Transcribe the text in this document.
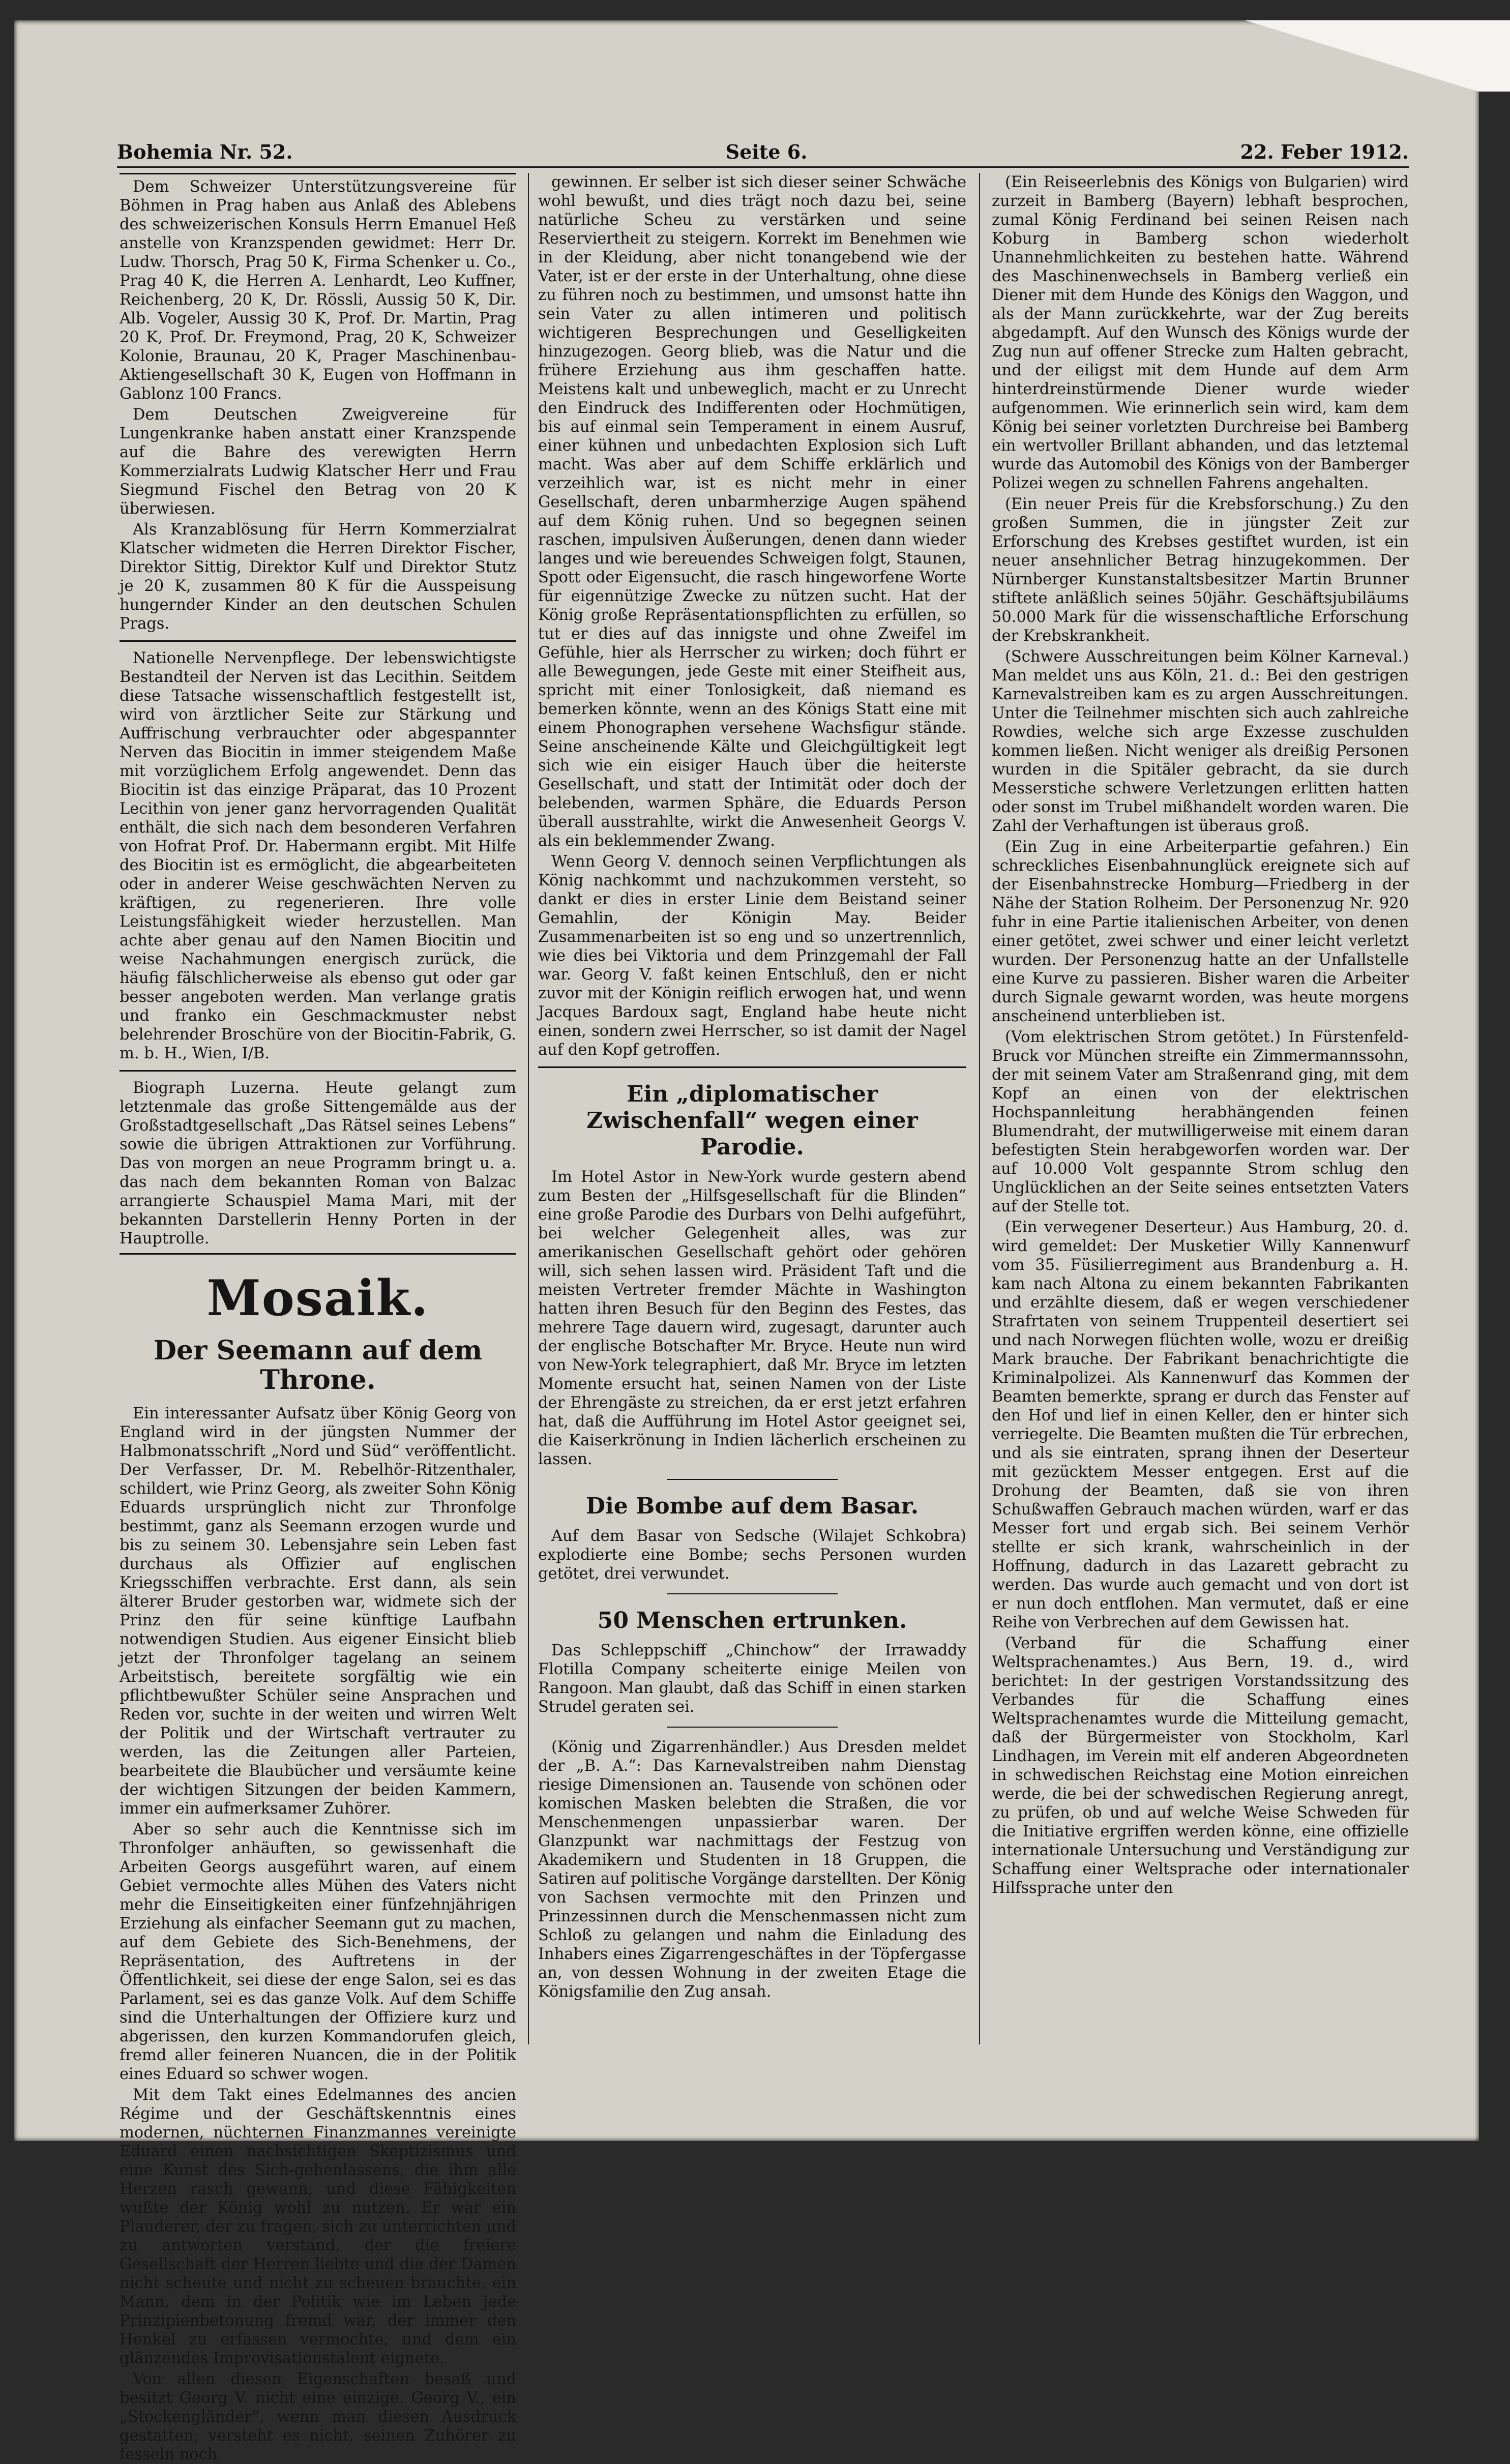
Bohemia Nr. 52.	Seite 6.	22. Feber 1912.

Dem Schweizer Unterstützungsvereine für Böhmen in Prag haben aus Anlaß des Ablebens des schweizerischen Konsuls Herrn Emanuel Heß anstelle von Kranzspenden gewidmet: Herr Dr. Ludw. Thorsch, Prag 50 K, Firma Schenker u. Co., Prag 40 K, die Herren A. Lenhardt, Leo Kuffner, Reichenberg, 20 K, Dr. Rössli, Aussig 50 K, Dir. Alb. Vogeler, Aussig 30 K, Prof. Dr. Martin, Prag 20 K, Prof. Dr. Freymond, Prag, 20 K, Schweizer Kolonie, Braunau, 20 K, Prager Maschinenbau-Aktiengesellschaft 30 K, Eugen von Hoffmann in Gablonz 100 Francs.

Dem Deutschen Zweigvereine für Lungenkranke haben anstatt einer Kranzspende auf die Bahre des verewigten Herrn Kommerzialrats Ludwig Klatscher Herr und Frau Siegmund Fischel den Betrag von 20 K überwiesen.

Als Kranzablösung für Herrn Kommerzialrat Klatscher widmeten die Herren Direktor Fischer, Direktor Sittig, Direktor Kulf und Direktor Stutz je 20 K, zusammen 80 K für die Ausspeisung hungernder Kinder an den deutschen Schulen Prags.

Nationelle Nervenpflege. Der lebenswichtigste Bestandteil der Nerven ist das Lecithin. Seitdem diese Tatsache wissenschaftlich festgestellt ist, wird von ärztlicher Seite zur Stärkung und Auffrischung verbrauchter oder abgespannter Nerven das Biocitin in immer steigendem Maße mit vorzüglichem Erfolg angewendet. Denn das Biocitin ist das einzige Präparat, das 10 Prozent Lecithin von jener ganz hervorragenden Qualität enthält, die sich nach dem besonderen Verfahren von Hofrat Prof. Dr. Habermann ergibt. Mit Hilfe des Biocitin ist es ermöglicht, die abgearbeiteten oder in anderer Weise geschwächten Nerven zu kräftigen, zu regenerieren. Ihre volle Leistungsfähigkeit wieder herzustellen. Man achte aber genau auf den Namen Biocitin und weise Nachahmungen energisch zurück, die häufig fälschlicherweise als ebenso gut oder gar besser angeboten werden. Man verlange gratis und franko ein Geschmackmuster nebst belehrender Broschüre von der Biocitin-Fabrik, G. m. b. H., Wien, I/B.

Biograph Luzerna. Heute gelangt zum letztenmale das große Sittengemälde aus der Großstadtgesellschaft „Das Rätsel seines Lebens“ sowie die übrigen Attraktionen zur Vorführung. Das von morgen an neue Programm bringt u. a. das nach dem bekannten Roman von Balzac arrangierte Schauspiel Mama Mari, mit der bekannten Darstellerin Henny Porten in der Hauptrolle.

Mosaik.
Der Seemann auf dem Throne.

Ein interessanter Aufsatz über König Georg von England wird in der jüngsten Nummer der Halbmonatsschrift „Nord und Süd“ veröffentlicht. Der Verfasser, Dr. M. Rebelhör-Ritzenthaler, schildert, wie Prinz Georg, als zweiter Sohn König Eduards ursprünglich nicht zur Thronfolge bestimmt, ganz als Seemann erzogen wurde und bis zu seinem 30. Lebensjahre sein Leben fast durchaus als Offizier auf englischen Kriegsschiffen verbrachte. Erst dann, als sein älterer Bruder gestorben war, widmete sich der Prinz den für seine künftige Laufbahn notwendigen Studien. Aus eigener Einsicht blieb jetzt der Thronfolger tagelang an seinem Arbeitstisch, bereitete sorgfältig wie ein pflichtbewußter Schüler seine Ansprachen und Reden vor, suchte in der weiten und wirren Welt der Politik und der Wirtschaft vertrauter zu werden, las die Zeitungen aller Parteien, bearbeitete die Blaubücher und versäumte keine der wichtigen Sitzungen der beiden Kammern, immer ein aufmerksamer Zuhörer.

Aber so sehr auch die Kenntnisse sich im Thronfolger anhäuften, so gewissenhaft die Arbeiten Georgs ausgeführt waren, auf einem Gebiet vermochte alles Mühen des Vaters nicht mehr die Einseitigkeiten einer fünfzehnjährigen Erziehung als einfacher Seemann gut zu machen, auf dem Gebiete des Sich-Benehmens, der Repräsentation, des Auftretens in der Öffentlichkeit, sei diese der enge Salon, sei es das Parlament, sei es das ganze Volk. Auf dem Schiffe sind die Unterhaltungen der Offiziere kurz und abgerissen, den kurzen Kommandorufen gleich, fremd aller feineren Nuancen, die in der Politik eines Eduard so schwer wogen.

Mit dem Takt eines Edelmannes des ancien Régime und der Geschäftskenntnis eines modernen, nüchternen Finanzmannes vereinigte Eduard einen nachsichtigen Skeptizismus und eine Kunst des Sich-gehenlassens, die ihm alle Herzen rasch gewann, und diese Fähigkeiten wußte der König wohl zu nutzen. Er war ein Plauderer, der zu fragen, sich zu unterrichten und zu antworten verstand, der die freiere Gesellschaft der Herren liebte und die der Damen nicht scheute und nicht zu scheuen brauchte, ein Mann, dem in der Politik wie im Leben jede Prinzipienbetonung fremd war, der immer den Henkel zu erfassen vermochte, und dem ein glänzendes Improvisationstalent eignete.

Von allen diesen Eigenschaften besaß und besitzt Georg V. nicht eine einzige. Georg V., ein „Stockengländer“, wenn man diesen Ausdruck gestatten, versteht es nicht, seinen Zuhörer zu fesseln noch

gewinnen. Er selber ist sich dieser seiner Schwäche wohl bewußt, und dies trägt noch dazu bei, seine natürliche Scheu zu verstärken und seine Reserviertheit zu steigern. Korrekt im Benehmen wie in der Kleidung, aber nicht tonangebend wie der Vater, ist er der erste in der Unterhaltung, ohne diese zu führen noch zu bestimmen, und umsonst hatte ihn sein Vater zu allen intimeren und politisch wichtigeren Besprechungen und Geselligkeiten hinzugezogen. Georg blieb, was die Natur und die frühere Erziehung aus ihm geschaffen hatte. Meistens kalt und unbeweglich, macht er zu Unrecht den Eindruck des Indifferenten oder Hochmütigen, bis auf einmal sein Temperament in einem Ausruf, einer kühnen und unbedachten Explosion sich Luft macht. Was aber auf dem Schiffe erklärlich und verzeihlich war, ist es nicht mehr in einer Gesellschaft, deren unbarmherzige Augen spähend auf dem König ruhen. Und so begegnen seinen raschen, impulsiven Äußerungen, denen dann wieder langes und wie bereuendes Schweigen folgt, Staunen, Spott oder Eigensucht, die rasch hingeworfene Worte für eigennützige Zwecke zu nützen sucht. Hat der König große Repräsentationspflichten zu erfüllen, so tut er dies auf das innigste und ohne Zweifel im Gefühle, hier als Herrscher zu wirken; doch führt er alle Bewegungen, jede Geste mit einer Steifheit aus, spricht mit einer Tonlosigkeit, daß niemand es bemerken könnte, wenn an des Königs Statt eine mit einem Phonographen versehene Wachsfigur stände. Seine anscheinende Kälte und Gleichgültigkeit legt sich wie ein eisiger Hauch über die heiterste Gesellschaft, und statt der Intimität oder doch der belebenden, warmen Sphäre, die Eduards Person überall ausstrahlte, wirkt die Anwesenheit Georgs V. als ein beklemmender Zwang.

Wenn Georg V. dennoch seinen Verpflichtungen als König nachkommt und nachzukommen versteht, so dankt er dies in erster Linie dem Beistand seiner Gemahlin, der Königin May. Beider Zusammenarbeiten ist so eng und so unzertrennlich, wie dies bei Viktoria und dem Prinzgemahl der Fall war. Georg V. faßt keinen Entschluß, den er nicht zuvor mit der Königin reiflich erwogen hat, und wenn Jacques Bardoux sagt, England habe heute nicht einen, sondern zwei Herrscher, so ist damit der Nagel auf den Kopf getroffen.

Ein „diplomatischer Zwischenfall“ wegen einer Parodie.

Im Hotel Astor in New-York wurde gestern abend zum Besten der „Hilfsgesellschaft für die Blinden“ eine große Parodie des Durbars von Delhi aufgeführt, bei welcher Gelegenheit alles, was zur amerikanischen Gesellschaft gehört oder gehören will, sich sehen lassen wird. Präsident Taft und die meisten Vertreter fremder Mächte in Washington hatten ihren Besuch für den Beginn des Festes, das mehrere Tage dauern wird, zugesagt, darunter auch der englische Botschafter Mr. Bryce. Heute nun wird von New-York telegraphiert, daß Mr. Bryce im letzten Momente ersucht hat, seinen Namen von der Liste der Ehrengäste zu streichen, da er erst jetzt erfahren hat, daß die Aufführung im Hotel Astor geeignet sei, die Kaiserkrönung in Indien lächerlich erscheinen zu lassen.

Die Bombe auf dem Basar.

Auf dem Basar von Sedsche (Wilajet Schkobra) explodierte eine Bombe; sechs Personen wurden getötet, drei verwundet.

50 Menschen ertrunken.

Das Schleppschiff „Chinchow“ der Irrawaddy Flotilla Company scheiterte einige Meilen von Rangoon. Man glaubt, daß das Schiff in einen starken Strudel geraten sei.

(König und Zigarrenhändler.) Aus Dresden meldet der „B. A.“: Das Karnevalstreiben nahm Dienstag riesige Dimensionen an. Tausende von schönen oder komischen Masken belebten die Straßen, die vor Menschenmengen unpassierbar waren. Der Glanzpunkt war nachmittags der Festzug von Akademikern und Studenten in 18 Gruppen, die Satiren auf politische Vorgänge darstellten. Der König von Sachsen vermochte mit den Prinzen und Prinzessinnen durch die Menschenmassen nicht zum Schloß zu gelangen und nahm die Einladung des Inhabers eines Zigarrengeschäftes in der Töpfergasse an, von dessen Wohnung in der zweiten Etage die Königsfamilie den Zug ansah.

(Ein Reiseerlebnis des Königs von Bulgarien) wird zurzeit in Bamberg (Bayern) lebhaft besprochen, zumal König Ferdinand bei seinen Reisen nach Koburg in Bamberg schon wiederholt Unannehmlichkeiten zu bestehen hatte. Während des Maschinenwechsels in Bamberg verließ ein Diener mit dem Hunde des Königs den Waggon, und als der Mann zurückkehrte, war der Zug bereits abgedampft. Auf den Wunsch des Königs wurde der Zug nun auf offener Strecke zum Halten gebracht, und der eiligst mit dem Hunde auf dem Arm hinterdreinstürmende Diener wurde wieder aufgenommen. Wie erinnerlich sein wird, kam dem König bei seiner vorletzten Durchreise bei Bamberg ein wertvoller Brillant abhanden, und das letztemal wurde das Automobil des Königs von der Bamberger Polizei wegen zu schnellen Fahrens angehalten.

(Ein neuer Preis für die Krebsforschung.) Zu den großen Summen, die in jüngster Zeit zur Erforschung des Krebses gestiftet wurden, ist ein neuer ansehnlicher Betrag hinzugekommen. Der Nürnberger Kunstanstaltsbesitzer Martin Brunner stiftete anläßlich seines 50jähr. Geschäftsjubiläums 50.000 Mark für die wissenschaftliche Erforschung der Krebskrankheit.

(Schwere Ausschreitungen beim Kölner Karneval.) Man meldet uns aus Köln, 21. d.: Bei den gestrigen Karnevalstreiben kam es zu argen Ausschreitungen. Unter die Teilnehmer mischten sich auch zahlreiche Rowdies, welche sich arge Exzesse zuschulden kommen ließen. Nicht weniger als dreißig Personen wurden in die Spitäler gebracht, da sie durch Messerstiche schwere Verletzungen erlitten hatten oder sonst im Trubel mißhandelt worden waren. Die Zahl der Verhaftungen ist überaus groß.

(Ein Zug in eine Arbeiterpartie gefahren.) Ein schreckliches Eisenbahnunglück ereignete sich auf der Eisenbahnstrecke Homburg—Friedberg in der Nähe der Station Rolheim. Der Personenzug Nr. 920 fuhr in eine Partie italienischen Arbeiter, von denen einer getötet, zwei schwer und einer leicht verletzt wurden. Der Personenzug hatte an der Unfallstelle eine Kurve zu passieren. Bisher waren die Arbeiter durch Signale gewarnt worden, was heute morgens anscheinend unterblieben ist.

(Vom elektrischen Strom getötet.) In Fürstenfeld-Bruck vor München streifte ein Zimmermannssohn, der mit seinem Vater am Straßenrand ging, mit dem Kopf an einen von der elektrischen Hochspannleitung herabhängenden feinen Blumendraht, der mutwilligerweise mit einem daran befestigten Stein herabgeworfen worden war. Der auf 10.000 Volt gespannte Strom schlug den Unglücklichen an der Seite seines entsetzten Vaters auf der Stelle tot.

(Ein verwegener Deserteur.) Aus Hamburg, 20. d. wird gemeldet: Der Musketier Willy Kannenwurf vom 35. Füsilierregiment aus Brandenburg a. H. kam nach Altona zu einem bekannten Fabrikanten und erzählte diesem, daß er wegen verschiedener Strafrtaten von seinem Truppenteil desertiert sei und nach Norwegen flüchten wolle, wozu er dreißig Mark brauche. Der Fabrikant benachrichtigte die Kriminalpolizei. Als Kannenwurf das Kommen der Beamten bemerkte, sprang er durch das Fenster auf den Hof und lief in einen Keller, den er hinter sich verriegelte. Die Beamten mußten die Tür erbrechen, und als sie eintraten, sprang ihnen der Deserteur mit gezücktem Messer entgegen. Erst auf die Drohung der Beamten, daß sie von ihren Schußwaffen Gebrauch machen würden, warf er das Messer fort und ergab sich. Bei seinem Verhör stellte er sich krank, wahrscheinlich in der Hoffnung, dadurch in das Lazarett gebracht zu werden. Das wurde auch gemacht und von dort ist er nun doch entflohen. Man vermutet, daß er eine Reihe von Verbrechen auf dem Gewissen hat.

(Verband für die Schaffung einer Weltsprachenamtes.) Aus Bern, 19. d., wird berichtet: In der gestrigen Vorstandssitzung des Verbandes für die Schaffung eines Weltsprachenamtes wurde die Mitteilung gemacht, daß der Bürgermeister von Stockholm, Karl Lindhagen, im Verein mit elf anderen Abgeordneten in schwedischen Reichstag eine Motion einreichen werde, die bei der schwedischen Regierung anregt, zu prüfen, ob und auf welche Weise Schweden für die Initiative ergriffen werden könne, eine offizielle internationale Untersuchung und Verständigung zur Schaffung einer Weltsprache oder internationaler Hilfssprache unter den
